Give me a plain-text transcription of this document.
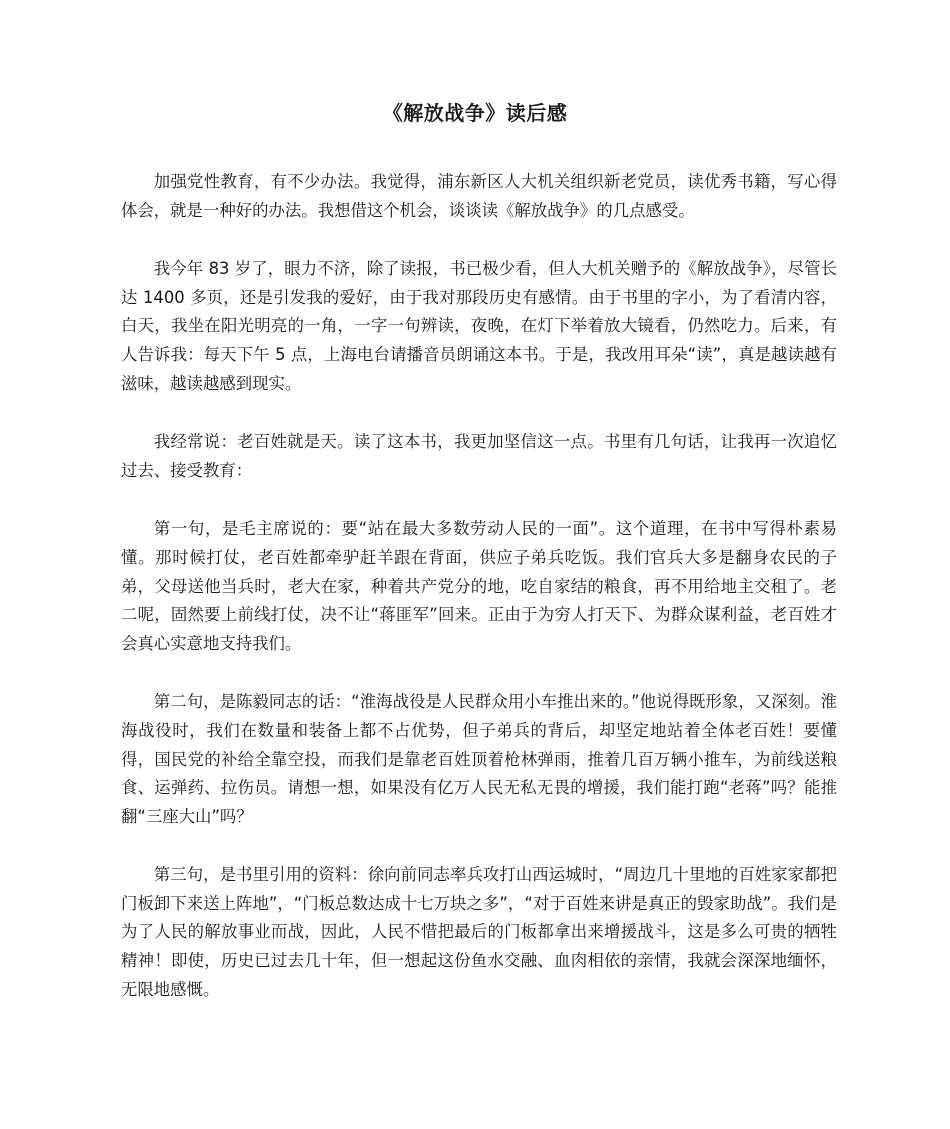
《解放战争》读后感

加强党性教育，有不少办法。我觉得，浦东新区人大机关组织新老党员，读优秀书籍，写心得体会，就是一种好的办法。我想借这个机会，谈谈读《解放战争》的几点感受。

我今年 83 岁了，眼力不济，除了读报，书已极少看，但人大机关赠予的《解放战争》，尽管长达 1400 多页，还是引发我的爱好，由于我对那段历史有感情。由于书里的字小，为了看清内容，白天，我坐在阳光明亮的一角，一字一句辨读，夜晚，在灯下举着放大镜看，仍然吃力。后来，有人告诉我：每天下午 5 点，上海电台请播音员朗诵这本书。于是，我改用耳朵“读”，真是越读越有滋味，越读越感到现实。

我经常说：老百姓就是天。读了这本书，我更加坚信这一点。书里有几句话，让我再一次追忆过去、接受教育：

第一句，是毛主席说的：要“站在最大多数劳动人民的一面”。这个道理，在书中写得朴素易懂。那时候打仗，老百姓都牵驴赶羊跟在背面，供应子弟兵吃饭。我们官兵大多是翻身农民的子弟，父母送他当兵时，老大在家，种着共产党分的地，吃自家结的粮食，再不用给地主交租了。老二呢，固然要上前线打仗，决不让“蒋匪军”回来。正由于为穷人打天下、为群众谋利益，老百姓才会真心实意地支持我们。

第二句，是陈毅同志的话：“淮海战役是人民群众用小车推出来的。”他说得既形象，又深刻。淮海战役时，我们在数量和装备上都不占优势，但子弟兵的背后，却坚定地站着全体老百姓！要懂得，国民党的补给全靠空投，而我们是靠老百姓顶着枪林弹雨，推着几百万辆小推车，为前线送粮食、运弹药、拉伤员。请想一想，如果没有亿万人民无私无畏的增援，我们能打跑“老蒋”吗？能推翻“三座大山”吗？

第三句，是书里引用的资料：徐向前同志率兵攻打山西运城时，“周边几十里地的百姓家家都把门板卸下来送上阵地”，“门板总数达成十七万块之多”，“对于百姓来讲是真正的毁家助战”。我们是为了人民的解放事业而战，因此，人民不惜把最后的门板都拿出来增援战斗，这是多么可贵的牺牲精神！即使，历史已过去几十年，但一想起这份鱼水交融、血肉相依的亲情，我就会深深地缅怀，无限地感慨。
